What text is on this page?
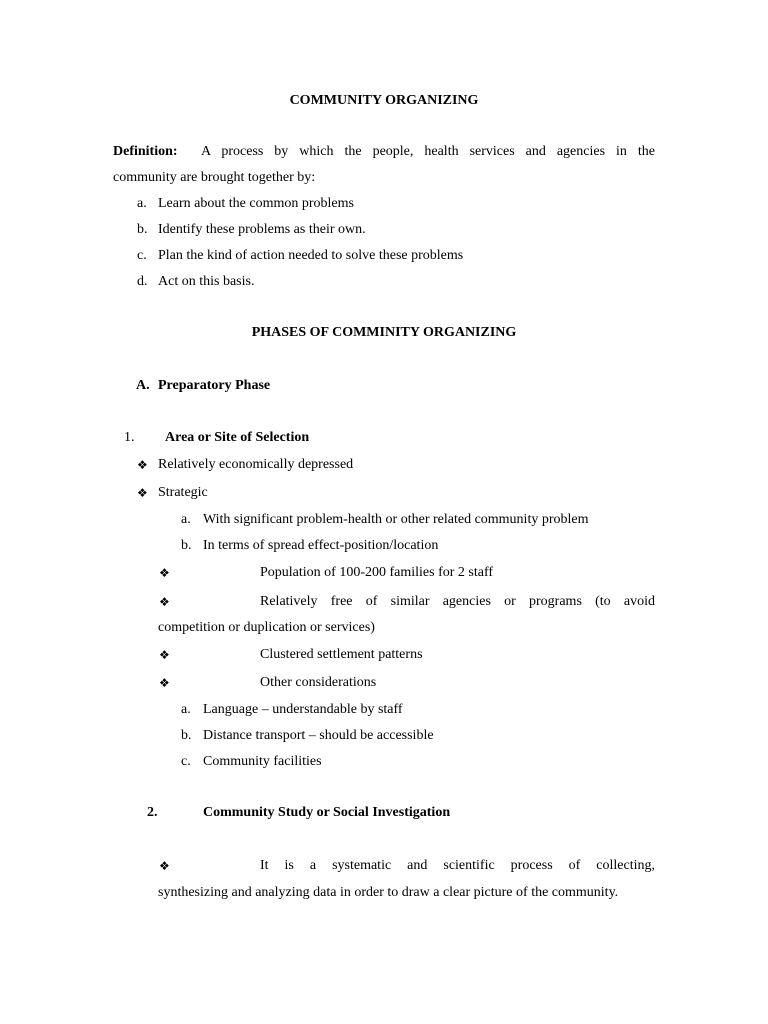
COMMUNITY ORGANIZING
Definition: A process by which the people, health services and agencies in the
community are brought together by:
a. Learn about the common problems
b. Identify these problems as their own.
c. Plan the kind of action needed to solve these problems
d. Act on this basis.
PHASES OF COMMINITY ORGANIZING
A. Preparatory Phase
1. Area or Site of Selection
❖ Relatively economically depressed
❖ Strategic
a. With significant problem-health or other related community problem
b. In terms of spread effect-position/location
❖	Population of 100-200 families for 2 staff
❖	Relatively free of similar agencies or programs (to avoid
competition or duplication or services)
❖	Clustered settlement patterns
❖	Other considerations
a. Language – understandable by staff
b. Distance transport – should be accessible
c. Community facilities
2.	Community Study or Social Investigation
❖	It is a systematic and scientific process of collecting,
synthesizing and analyzing data in order to draw a clear picture of the community.
